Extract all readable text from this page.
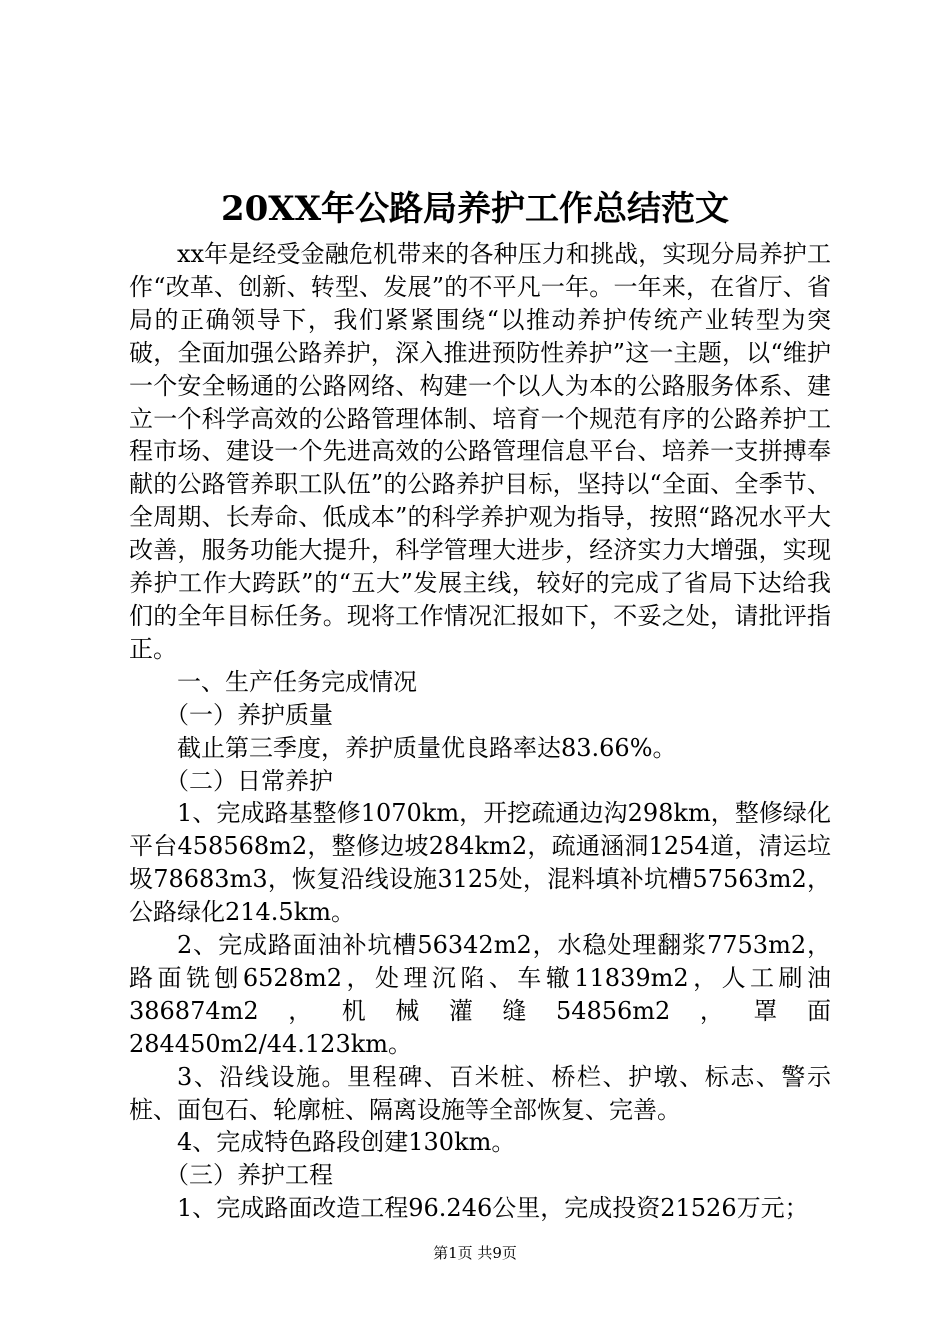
20XX年公路局养护工作总结范文

xx年是经受金融危机带来的各种压力和挑战，实现分局养护工作“改革、创新、转型、发展”的不平凡一年。一年来，在省厅、省局的正确领导下，我们紧紧围绕“以推动养护传统产业转型为突破，全面加强公路养护，深入推进预防性养护”这一主题，以“维护一个安全畅通的公路网络、构建一个以人为本的公路服务体系、建立一个科学高效的公路管理体制、培育一个规范有序的公路养护工程市场、建设一个先进高效的公路管理信息平台、培养一支拼搏奉献的公路管养职工队伍”的公路养护目标，坚持以“全面、全季节、全周期、长寿命、低成本”的科学养护观为指导，按照“路况水平大改善，服务功能大提升，科学管理大进步，经济实力大增强，实现养护工作大跨跃”的“五大”发展主线，较好的完成了省局下达给我们的全年目标任务。现将工作情况汇报如下，不妥之处，请批评指正。

一、生产任务完成情况

（一）养护质量

截止第三季度，养护质量优良路率达83.66%。

（二）日常养护

1、完成路基整修1070km，开挖疏通边沟298km，整修绿化平台458568m2，整修边坡284km2，疏通涵洞1254道，清运垃圾78683m3，恢复沿线设施3125处，混料填补坑槽57563m2，公路绿化214.5km。

2、完成路面油补坑槽56342m2，水稳处理翻浆7753m2，路面铣刨6528m2，处理沉陷、车辙11839m2，人工刷油386874m2，机械灌缝54856m2，罩面284450m2/44.123km。

3、沿线设施。里程碑、百米桩、桥栏、护墩、标志、警示桩、面包石、轮廓桩、隔离设施等全部恢复、完善。

4、完成特色路段创建130km。

（三）养护工程

1、完成路面改造工程96.246公里，完成投资21526万元；

第1页 共9页
